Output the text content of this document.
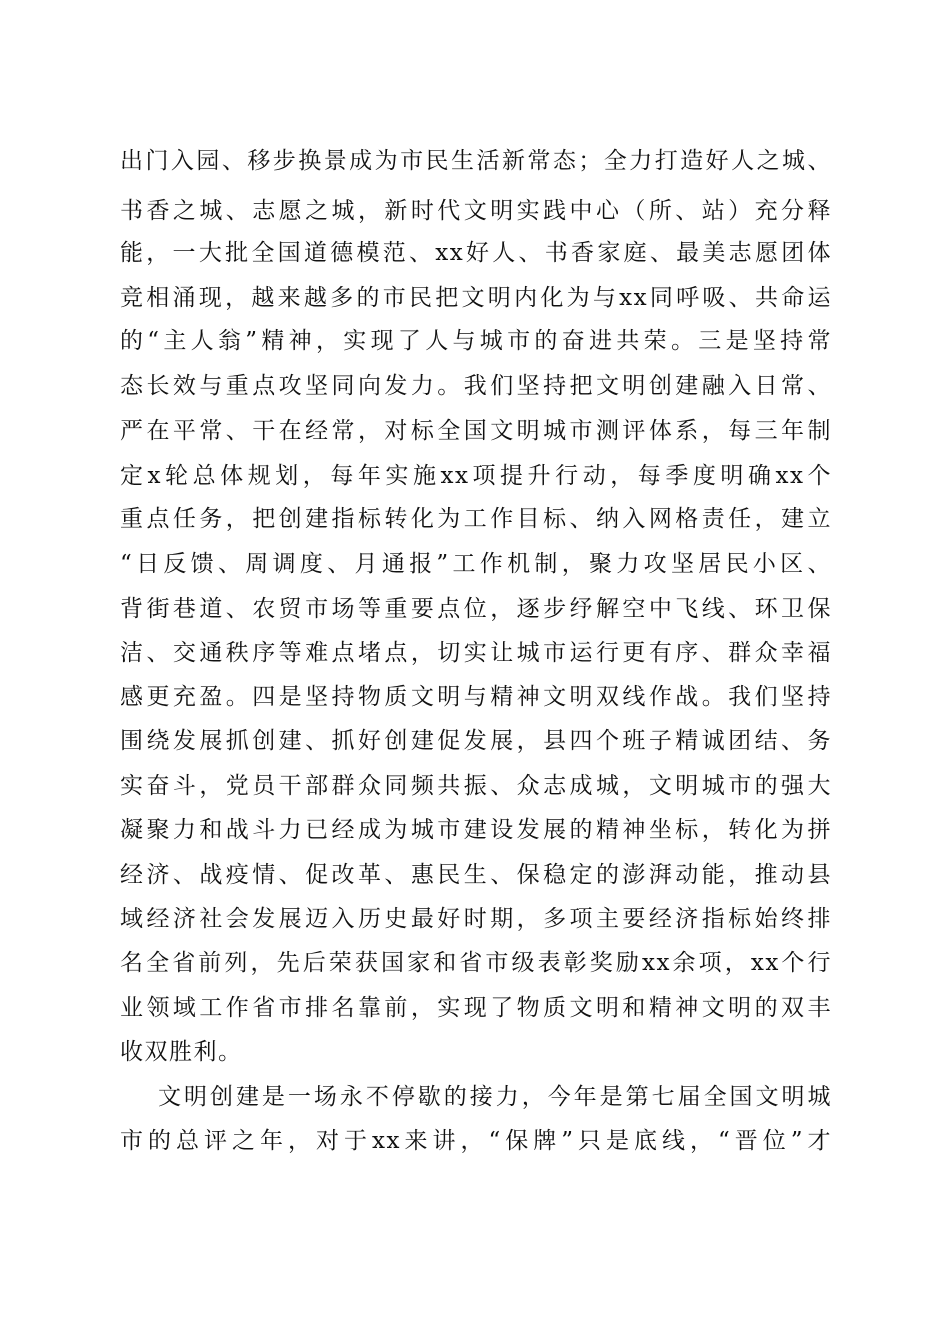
出门入园、移步换景成为市民生活新常态；全力打造好人之城、
书香之城、志愿之城，新时代文明实践中心（所、站）充分释
能，一大批全国道德模范、xx好人、书香家庭、最美志愿团体
竞相涌现，越来越多的市民把文明内化为与xx同呼吸、共命运
的“主人翁”精神，实现了人与城市的奋进共荣。三是坚持常
态长效与重点攻坚同向发力。我们坚持把文明创建融入日常、
严在平常、干在经常，对标全国文明城市测评体系，每三年制
定x轮总体规划，每年实施xx项提升行动，每季度明确xx个
重点任务，把创建指标转化为工作目标、纳入网格责任，建立
“日反馈、周调度、月通报”工作机制，聚力攻坚居民小区、
背街巷道、农贸市场等重要点位，逐步纾解空中飞线、环卫保
洁、交通秩序等难点堵点，切实让城市运行更有序、群众幸福
感更充盈。四是坚持物质文明与精神文明双线作战。我们坚持
围绕发展抓创建、抓好创建促发展，县四个班子精诚团结、务
实奋斗，党员干部群众同频共振、众志成城，文明城市的强大
凝聚力和战斗力已经成为城市建设发展的精神坐标，转化为拼
经济、战疫情、促改革、惠民生、保稳定的澎湃动能，推动县
域经济社会发展迈入历史最好时期，多项主要经济指标始终排
名全省前列，先后荣获国家和省市级表彰奖励xx余项，xx个行
业领域工作省市排名靠前，实现了物质文明和精神文明的双丰
收双胜利。
文明创建是一场永不停歇的接力，今年是第七届全国文明城
市的总评之年，对于xx来讲，“保牌”只是底线，“晋位”才
